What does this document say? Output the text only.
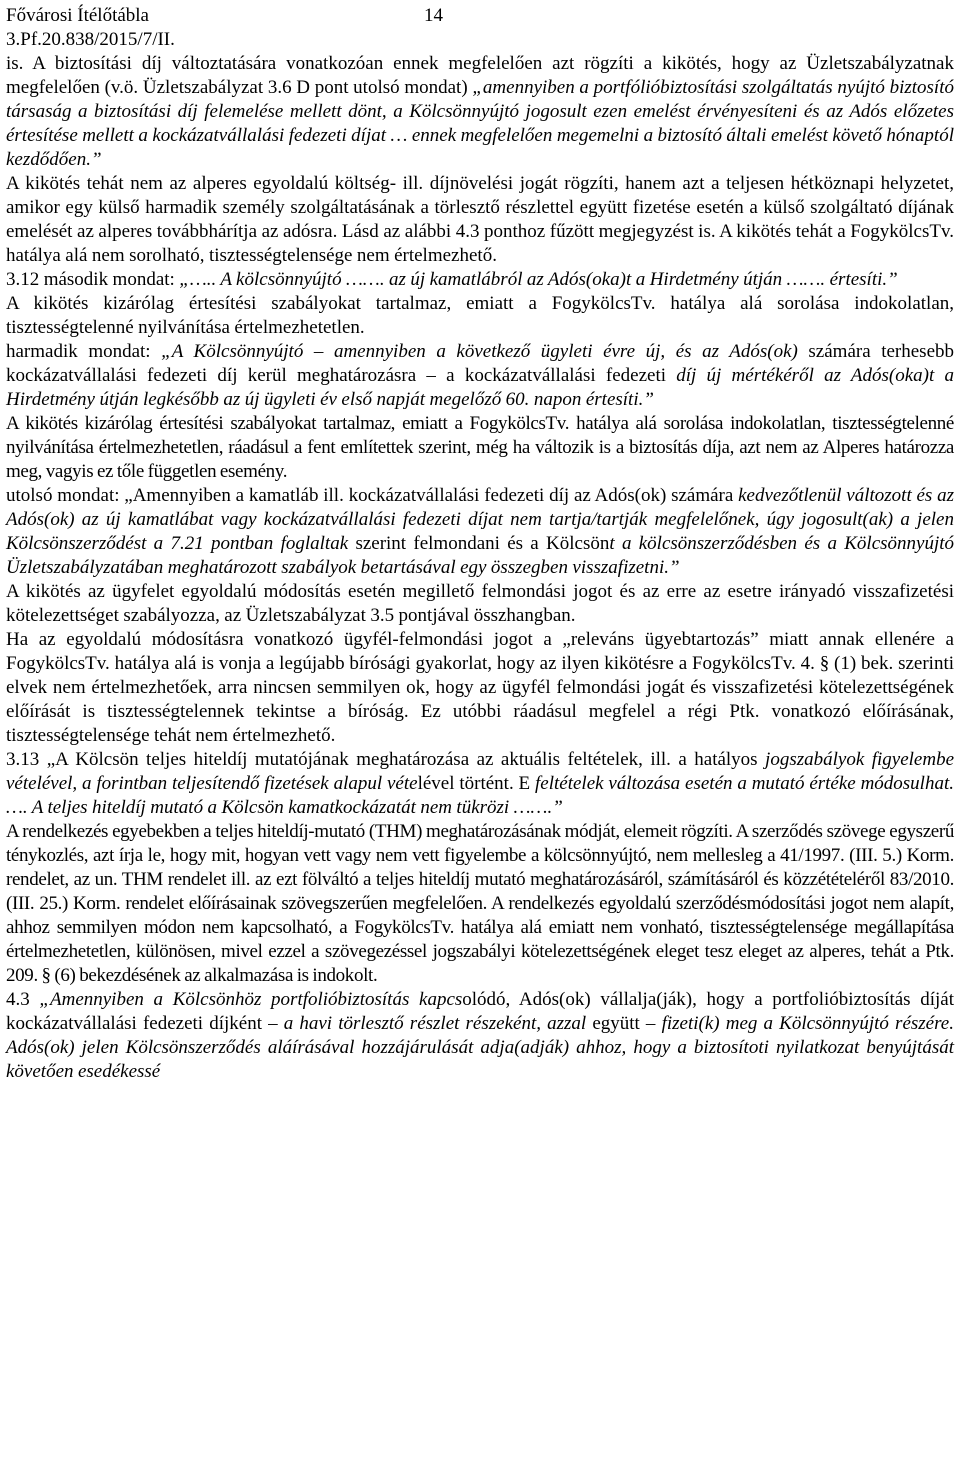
Fővárosi Ítélőtábla	14
3.Pf.20.838/2015/7/II.

is. A biztosítási díj változtatására vonatkozóan ennek megfelelően azt rögzíti a kikötés, hogy az Üzletszabályzatnak megfelelően (v.ö. Üzletszabályzat 3.6 D pont utolsó mondat) „amennyiben a portfólióbiztosítási szolgáltatás nyújtó biztosító társaság a biztosítási díj felemelése mellett dönt, a Kölcsönnyújtó jogosult ezen emelést érvényesíteni és az Adós előzetes értesítése mellett a kockázatvállalási fedezeti díjat … ennek megfelelően megemelni a biztosító általi emelést követő hónaptól kezdődően.”

A kikötés tehát nem az alperes egyoldalú költség- ill. díjnövelési jogát rögzíti, hanem azt a teljesen hétköznapi helyzetet, amikor egy külső harmadik személy szolgáltatásának a törlesztő részlettel együtt fizetése esetén a külső szolgáltató díjának emelését az alperes továbbhárítja az adósra. Lásd az alábbi 4.3 ponthoz fűzött megjegyzést is. A kikötés tehát a FogykölcsTv. hatálya alá nem sorolható, tisztességtelensége nem értelmezhető.

3.12 második mondat: „….. A kölcsönnyújtó ……. az új kamatlábról az Adós(oka)t a Hirdetmény útján ……. értesíti.”

A kikötés kizárólag értesítési szabályokat tartalmaz, emiatt a FogykölcsTv. hatálya alá sorolása indokolatlan, tisztességtelenné nyilvánítása értelmezhetetlen.

harmadik mondat: „A Kölcsönnyújtó – amennyiben a következő ügyleti évre új, és az Adós(ok) számára terhesebb kockázatvállalási fedezeti díj kerül meghatározásra – a kockázatvállalási fedezeti díj új mértékéről az Adós(oka)t a Hirdetmény útján legkésőbb az új ügyleti év első napját megelőző 60. napon értesíti.”

A kikötés kizárólag értesítési szabályokat tartalmaz, emiatt a FogykölcsTv. hatálya alá sorolása indokolatlan, tisztességtelenné nyilvánítása értelmezhetetlen, ráadásul a fent említettek szerint, még ha változik is a biztosítás díja, azt nem az Alperes határozza meg, vagyis ez tőle független esemény.

utolsó mondat: „Amennyiben a kamatláb ill. kockázatvállalási fedezeti díj az Adós(ok) számára kedvezőtlenül változott és az Adós(ok) az új kamatlábat vagy kockázatvállalási fedezeti díjat nem tartja/tartják megfelelőnek, úgy jogosult(ak) a jelen Kölcsönszerződést a 7.21 pontban foglaltak szerint felmondani és a Kölcsönt a kölcsönszerződésben és a Kölcsönnyújtó Üzletszabályzatában meghatározott szabályok betartásával egy összegben visszafizetni.”

A kikötés az ügyfelet egyoldalú módosítás esetén megillető felmondási jogot és az erre az esetre irányadó visszafizetési kötelezettséget szabályozza, az Üzletszabályzat 3.5 pontjával összhangban.

Ha az egyoldalú módosításra vonatkozó ügyfél-felmondási jogot a „releváns ügyebtartozás” miatt annak ellenére a FogykölcsTv. hatálya alá is vonja a legújabb bírósági gyakorlat, hogy az ilyen kikötésre a FogykölcsTv. 4. § (1) bek. szerinti elvek nem értelmezhetőek, arra nincsen semmilyen ok, hogy az ügyfél felmondási jogát és visszafizetési kötelezettségének előírását is tisztességtelennek tekintse a bíróság. Ez utóbbi ráadásul megfelel a régi Ptk. vonatkozó előírásának, tisztességtelensége tehát nem értelmezhető.

3.13 „A Kölcsön teljes hiteldíj mutatójának meghatározása az aktuális feltételek, ill. a hatályos jogszabályok figyelembe vételével, a forintban teljesítendő fizetések alapul vételével történt. E feltételek változása esetén a mutató értéke módosulhat. …. A teljes hiteldíj mutató a Kölcsön kamatkockázatát nem tükrözi …….”

A rendelkezés egyebekben a teljes hiteldíj-mutató (THM) meghatározásának módját, elemeit rögzíti. A szerződés szövege egyszerű ténykozlés, azt írja le, hogy mit, hogyan vett vagy nem vett figyelembe a kölcsönnyújtó, nem mellesleg a 41/1997. (III. 5.) Korm. rendelet, az un. THM rendelet ill. az ezt fölváltó a teljes hiteldíj mutató meghatározásáról, számításáról és közzétételéről 83/2010. (III. 25.) Korm. rendelet előírásainak szövegszerűen megfelelően. A rendelkezés egyoldalú szerződésmódosítási jogot nem alapít, ahhoz semmilyen módon nem kapcsolható, a FogykölcsTv. hatálya alá emiatt nem vonható, tisztességtelensége megállapítása értelmezhetetlen, különösen, mivel ezzel a szövegezéssel jogszabályi kötelezettségének eleget tesz eleget az alperes, tehát a Ptk. 209. § (6) bekezdésének az alkalmazása is indokolt.

4.3 „Amennyiben a Kölcsönhöz portfolióbiztosítás kapcsolódó, Adós(ok) vállalja(ják), hogy a portfolióbiztosítás díját kockázatvállalási fedezeti díjként – a havi törlesztő részlet részeként, azzal együtt – fizeti(k) meg a Kölcsönnyújtó részére. Adós(ok) jelen Kölcsönszerződés aláírásával hozzájárulását adja(adják) ahhoz, hogy a biztosítoti nyilatkozat benyújtását követően esedékessé
